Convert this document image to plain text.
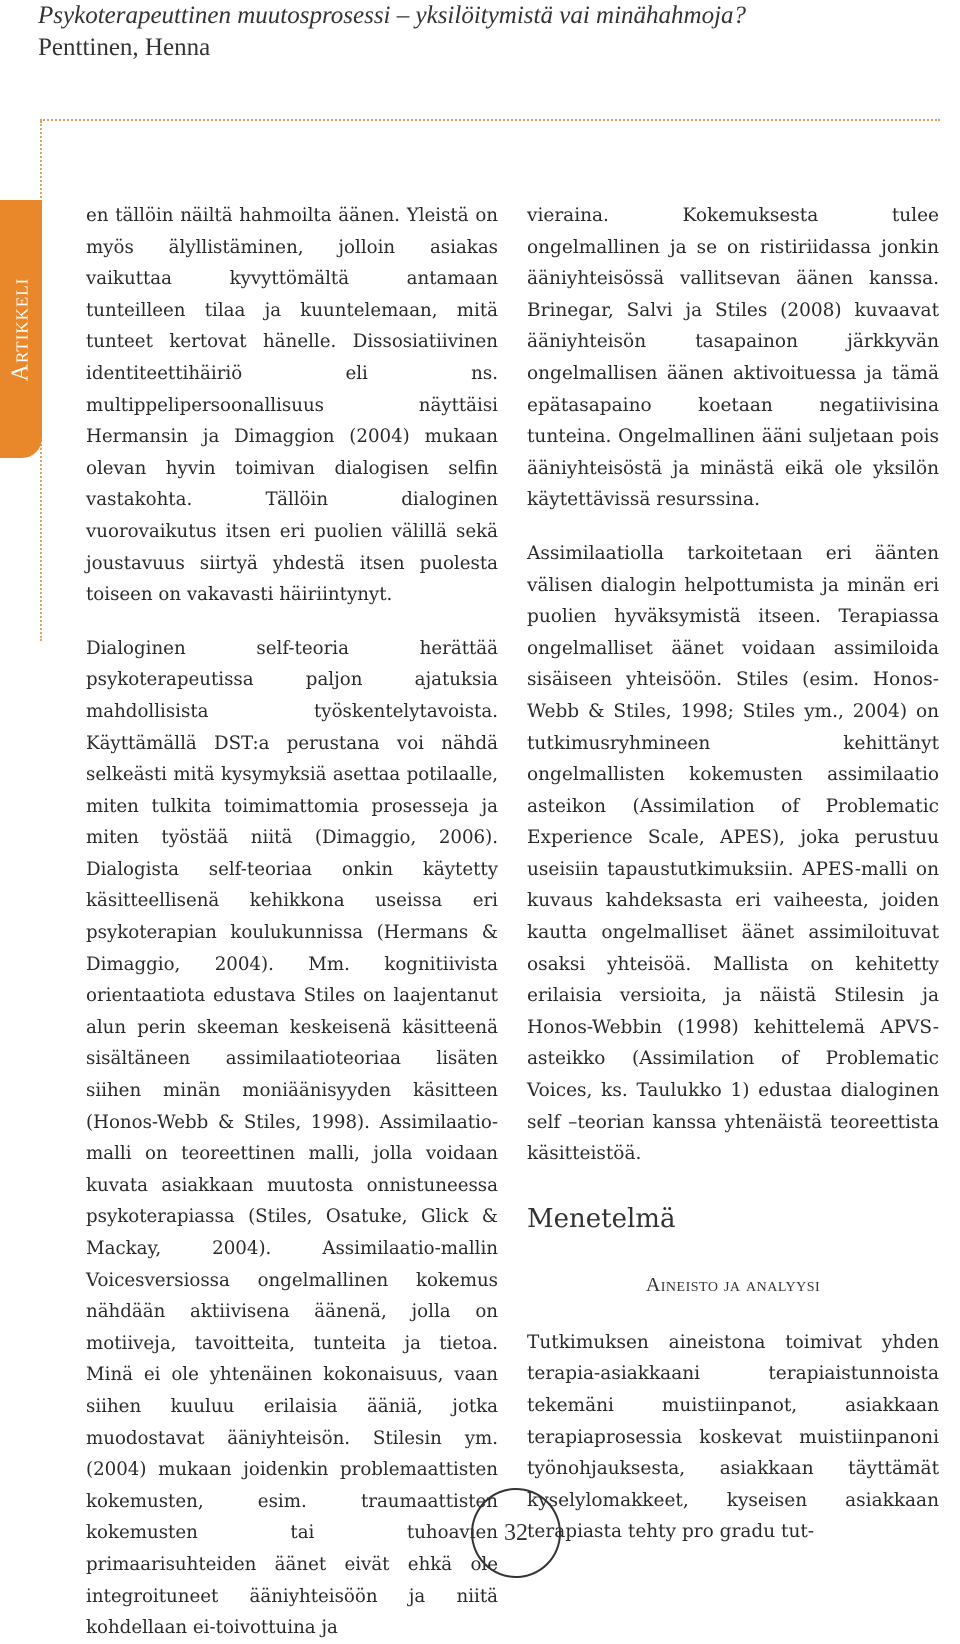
Psykoterapeuttinen muutosprosessi – yksilöitymistä vai minähahmoja?

Penttinen, Henna

Artikkeli

en tällöin näiltä hahmoilta äänen. Yleistä on myös älyllistäminen, jolloin asiakas vaikuttaa kyvyttömältä antamaan tunteilleen tilaa ja kuuntelemaan, mitä tunteet kertovat hänelle. Dissosiatiivinen identiteettihäiriö eli ns. multippelipersoonallisuus näyttäisi Hermansin ja Dimaggion (2004) mukaan olevan hyvin toimivan dialogisen selfin vastakohta. Tällöin dialoginen vuorovaikutus itsen eri puolien välillä sekä joustavuus siirtyä yhdestä itsen puolesta toiseen on vakavasti häiriintynyt.

Dialoginen self-teoria herättää psykoterapeutissa paljon ajatuksia mahdollisista työskentelytavoista. Käyttämällä DST:a perustana voi nähdä selkeästi mitä kysymyksiä asettaa potilaalle, miten tulkita toimimattomia prosesseja ja miten työstää niitä (Dimaggio, 2006). Dialogista self-teoriaa onkin käytetty käsitteellisenä kehikkona useissa eri psykoterapian koulukunnissa (Hermans & Dimaggio, 2004). Mm. kognitiivista orientaatiota edustava Stiles on laajentanut alun perin skeeman keskeisenä käsitteenä sisältäneen assimilaatioteoriaa lisäten siihen minän moniäänisyyden käsitteen (Honos-Webb & Stiles, 1998). Assimilaatio-malli on teoreettinen malli, jolla voidaan kuvata asiakkaan muutosta onnistuneessa psykoterapiassa (Stiles, Osatuke, Glick & Mackay, 2004). Assimilaatio-mallin Voicesversiossa ongelmallinen kokemus nähdään aktiivisena äänenä, jolla on motiiveja, tavoitteita, tunteita ja tietoa. Minä ei ole yhtenäinen kokonaisuus, vaan siihen kuuluu erilaisia ääniä, jotka muodostavat ääniyhteisön. Stilesin ym. (2004) mukaan joidenkin problemaattisten kokemusten, esim. traumaattisten kokemusten tai tuhoavien primaarisuhteiden äänet eivät ehkä ole integroituneet ääniyhteisöön ja niitä kohdellaan ei-toivottuina ja

vieraina. Kokemuksesta tulee ongelmallinen ja se on ristiriidassa jonkin ääniyhteisössä vallitsevan äänen kanssa. Brinegar, Salvi ja Stiles (2008) kuvaavat ääniyhteisön tasapainon järkkyvän ongelmallisen äänen aktivoituessa ja tämä epätasapaino koetaan negatiivisina tunteina. Ongelmallinen ääni suljetaan pois ääniyhteisöstä ja minästä eikä ole yksilön käytettävissä resurssina.

Assimilaatiolla tarkoitetaan eri äänten välisen dialogin helpottumista ja minän eri puolien hyväksymistä itseen. Terapiassa ongelmalliset äänet voidaan assimiloida sisäiseen yhteisöön. Stiles (esim. Honos-Webb & Stiles, 1998; Stiles ym., 2004) on tutkimusryhmineen kehittänyt ongelmallisten kokemusten assimilaatio asteikon (Assimilation of Problematic Experience Scale, APES), joka perustuu useisiin tapaustutkimuksiin. APES-malli on kuvaus kahdeksasta eri vaiheesta, joiden kautta ongelmalliset äänet assimiloituvat osaksi yhteisöä. Mallista on kehitetty erilaisia versioita, ja näistä Stilesin ja Honos-Webbin (1998) kehittelemä APVS-asteikko (Assimilation of Problematic Voices, ks. Taulukko 1) edustaa dialoginen self –teorian kanssa yhtenäistä teoreettista käsitteistöä.

Menetelmä
Aineisto ja analyysi

Tutkimuksen aineistona toimivat yhden terapia-asiakkaani terapiaistunnoista tekemäni muistiinpanot, asiakkaan terapiaprosessia koskevat muistiinpanoni työnohjauksesta, asiakkaan täyttämät kyselylomakkeet, kyseisen asiakkaan terapiasta tehty pro gradu tut-

32
